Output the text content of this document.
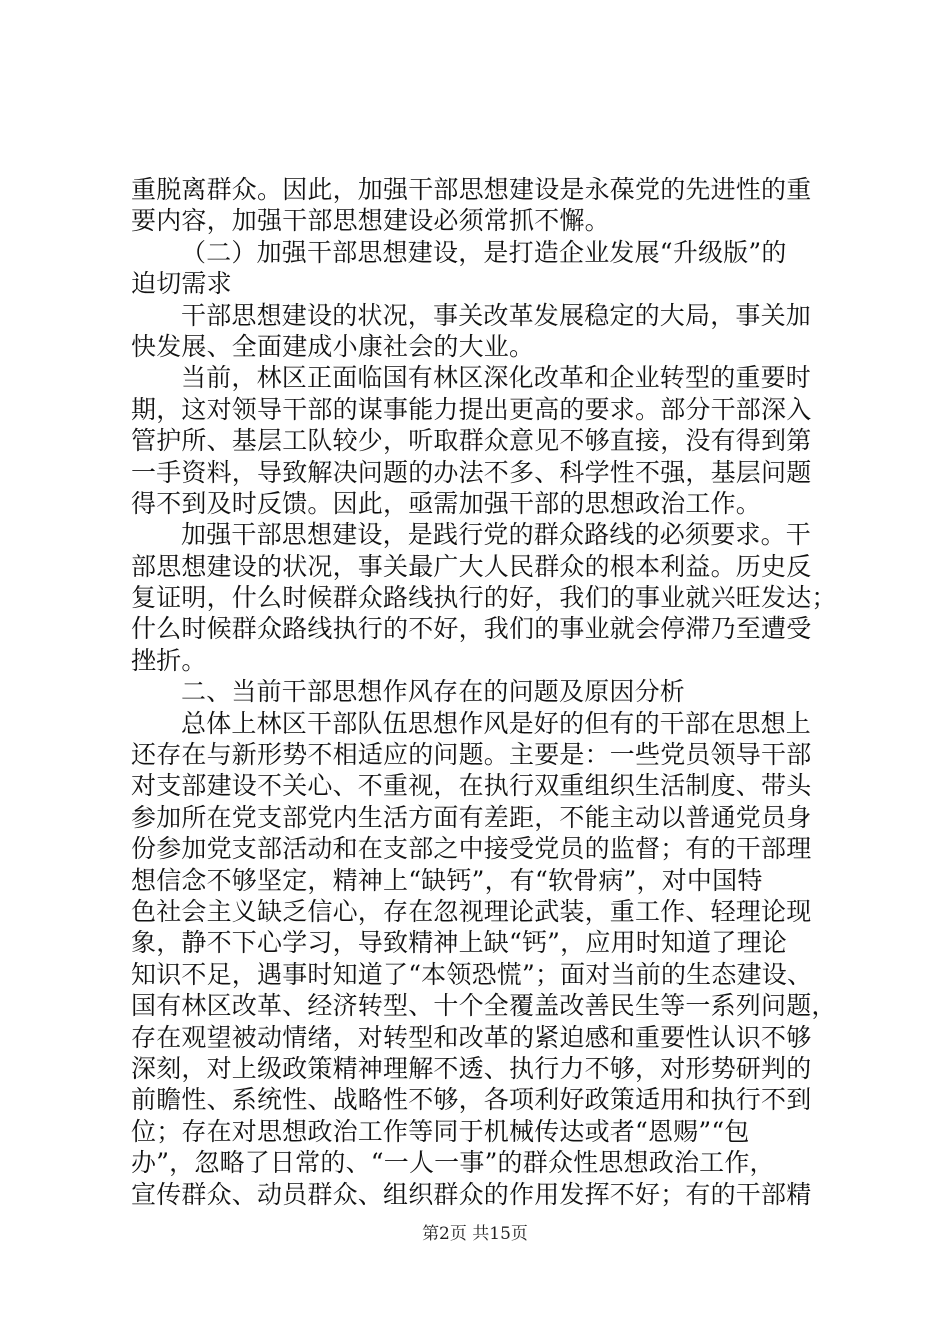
重脱离群众。因此，加强干部思想建设是永葆党的先进性的重
要内容，加强干部思想建设必须常抓不懈。
（二）加强干部思想建设，是打造企业发展“升级版”的
迫切需求
干部思想建设的状况，事关改革发展稳定的大局，事关加
快发展、全面建成小康社会的大业。
当前，林区正面临国有林区深化改革和企业转型的重要时
期，这对领导干部的谋事能力提出更高的要求。部分干部深入
管护所、基层工队较少，听取群众意见不够直接，没有得到第
一手资料，导致解决问题的办法不多、科学性不强，基层问题
得不到及时反馈。因此，亟需加强干部的思想政治工作。
加强干部思想建设，是践行党的群众路线的必须要求。干
部思想建设的状况，事关最广大人民群众的根本利益。历史反
复证明，什么时候群众路线执行的好，我们的事业就兴旺发达；
什么时候群众路线执行的不好，我们的事业就会停滞乃至遭受
挫折。
二、当前干部思想作风存在的问题及原因分析
总体上林区干部队伍思想作风是好的但有的干部在思想上
还存在与新形势不相适应的问题。主要是：一些党员领导干部
对支部建设不关心、不重视，在执行双重组织生活制度、带头
参加所在党支部党内生活方面有差距，不能主动以普通党员身
份参加党支部活动和在支部之中接受党员的监督；有的干部理
想信念不够坚定，精神上“缺钙”，有“软骨病”，对中国特
色社会主义缺乏信心，存在忽视理论武装，重工作、轻理论现
象，静不下心学习，导致精神上缺“钙”，应用时知道了理论
知识不足，遇事时知道了“本领恐慌”；面对当前的生态建设、
国有林区改革、经济转型、十个全覆盖改善民生等一系列问题，
存在观望被动情绪，对转型和改革的紧迫感和重要性认识不够
深刻，对上级政策精神理解不透、执行力不够，对形势研判的
前瞻性、系统性、战略性不够，各项利好政策适用和执行不到
位；存在对思想政治工作等同于机械传达或者“恩赐”“包
办”，忽略了日常的、“一人一事”的群众性思想政治工作，
宣传群众、动员群众、组织群众的作用发挥不好；有的干部精
第2页 共15页
